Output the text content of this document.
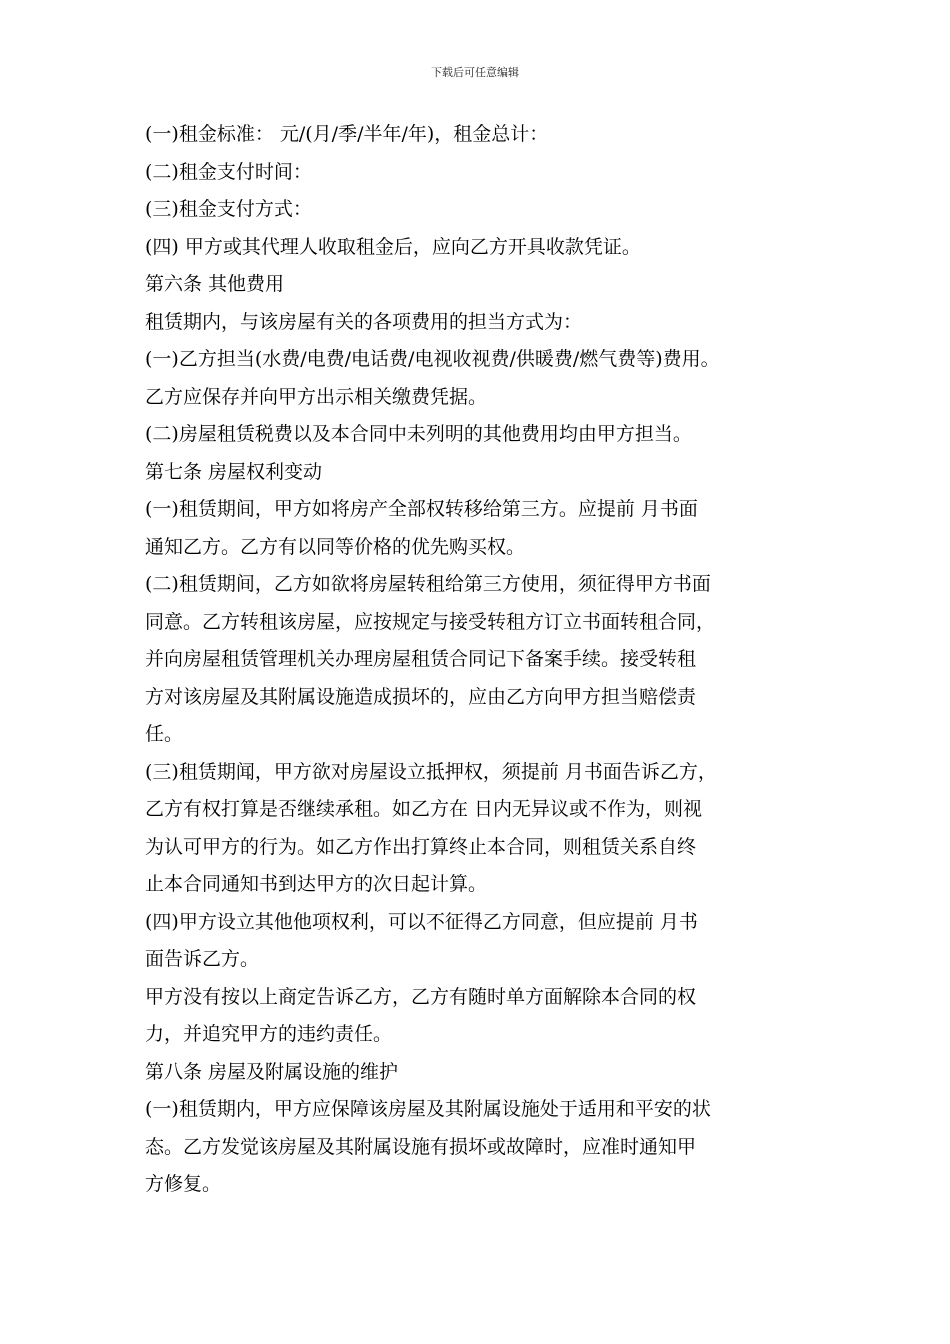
下载后可任意编辑
(一)租金标准： 元/(月/季/半年/年)，租金总计：
(二)租金支付时间：
(三)租金支付方式：
(四) 甲方或其代理人收取租金后，应向乙方开具收款凭证。
第六条 其他费用
租赁期内，与该房屋有关的各项费用的担当方式为：
(一)乙方担当(水费/电费/电话费/电视收视费/供暖费/燃气费等)费用。
乙方应保存并向甲方出示相关缴费凭据。
(二)房屋租赁税费以及本合同中未列明的其他费用均由甲方担当。
第七条 房屋权利变动
(一)租赁期间，甲方如将房产全部权转移给第三方。应提前 月书面
通知乙方。乙方有以同等价格的优先购买权。
(二)租赁期间，乙方如欲将房屋转租给第三方使用，须征得甲方书面
同意。乙方转租该房屋，应按规定与接受转租方订立书面转租合同，
并向房屋租赁管理机关办理房屋租赁合同记下备案手续。接受转租
方对该房屋及其附属设施造成损坏的，应由乙方向甲方担当赔偿责
任。
(三)租赁期闻，甲方欲对房屋设立抵押权，须提前 月书面告诉乙方，
乙方有权打算是否继续承租。如乙方在 日内无异议或不作为，则视
为认可甲方的行为。如乙方作出打算终止本合同，则租赁关系自终
止本合同通知书到达甲方的次日起计算。
(四)甲方设立其他他项权利，可以不征得乙方同意，但应提前 月书
面告诉乙方。
甲方没有按以上商定告诉乙方，乙方有随时单方面解除本合同的权
力，并追究甲方的违约责任。
第八条 房屋及附属设施的维护
(一)租赁期内，甲方应保障该房屋及其附属设施处于适用和平安的状
态。乙方发觉该房屋及其附属设施有损坏或故障时，应准时通知甲
方修复。
